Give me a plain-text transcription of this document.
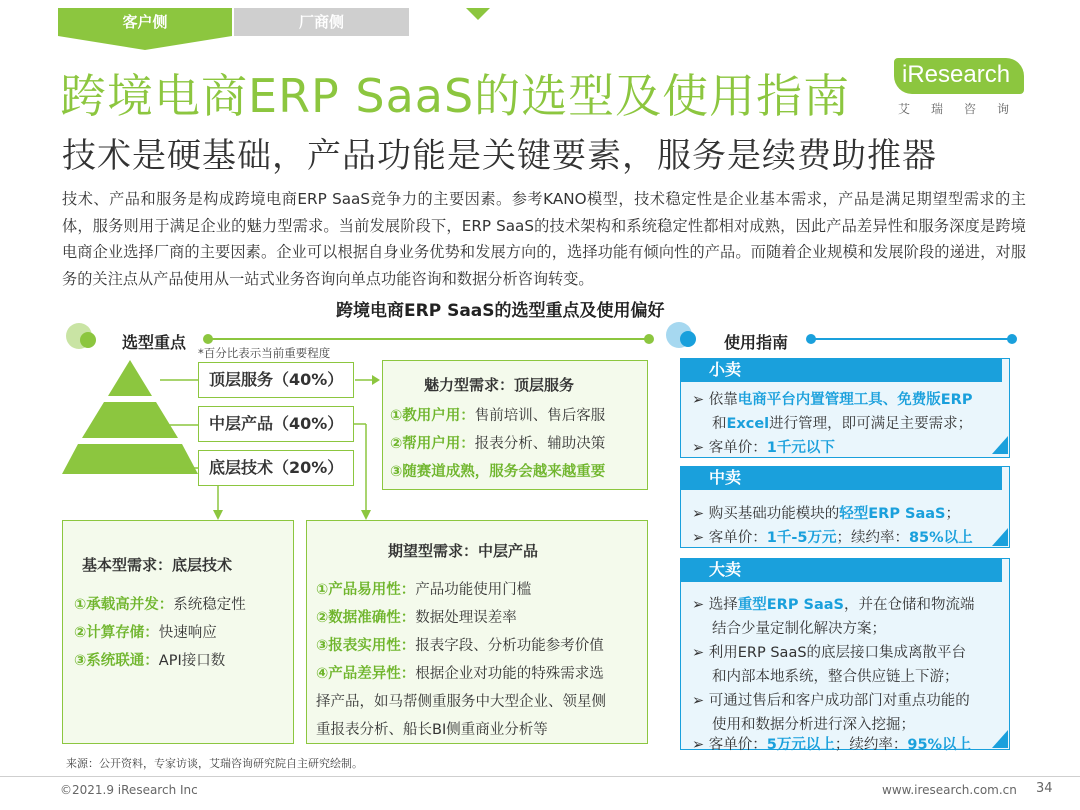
客户侧	厂商侧
跨境电商ERP SaaS的选型及使用指南
技术是硬基础，产品功能是关键要素，服务是续费助推器
iResearch
艾瑞咨询
技术、产品和服务是构成跨境电商ERP SaaS竞争力的主要因素。参考KANO模型，技术稳定性是企业基本需求，产品是满足期望型需求的主体，服务则用于满足企业的魅力型需求。当前发展阶段下，ERP SaaS的技术架构和系统稳定性都相对成熟，因此产品差异性和服务深度是跨境电商企业选择厂商的主要因素。企业可以根据自身业务优势和发展方向的，选择功能有倾向性的产品。而随着企业规模和发展阶段的递进，对服务的关注点从产品使用从一站式业务咨询向单点功能咨询和数据分析咨询转变。
跨境电商ERP SaaS的选型重点及使用偏好
选型重点
*百分比表示当前重要程度
顶层服务（40%）
中层产品（40%）
底层技术（20%）
魅力型需求：顶层服务
①教用户用：售前培训、售后客服
②帮用户用：报表分析、辅助决策
③随赛道成熟，服务会越来越重要
基本型需求：底层技术
①承载高并发：系统稳定性
②计算存储：快速响应
③系统联通：API接口数
期望型需求：中层产品
①产品易用性：产品功能使用门槛
②数据准确性：数据处理误差率
③报表实用性：报表字段、分析功能参考价值
④产品差异性：根据企业对功能的特殊需求选
择产品，如马帮侧重服务中大型企业、领星侧
重报表分析、船长BI侧重商业分析等
使用指南
小卖
➢ 依靠电商平台内置管理工具、免费版ERP
和Excel进行管理，即可满足主要需求；
➢ 客单价：1千元以下
中卖
➢ 购买基础功能模块的轻型ERP SaaS；
➢ 客单价：1千-5万元；续约率：85%以上
大卖
➢ 选择重型ERP SaaS，并在仓储和物流端
结合少量定制化解决方案；
➢ 利用ERP SaaS的底层接口集成离散平台
和内部本地系统，整合供应链上下游；
➢ 可通过售后和客户成功部门对重点功能的
使用和数据分析进行深入挖掘；
➢ 客单价：5万元以上；续约率：95%以上
来源：公开资料，专家访谈，艾瑞咨询研究院自主研究绘制。
©2021.9 iResearch Inc	www.iresearch.com.cn 34
